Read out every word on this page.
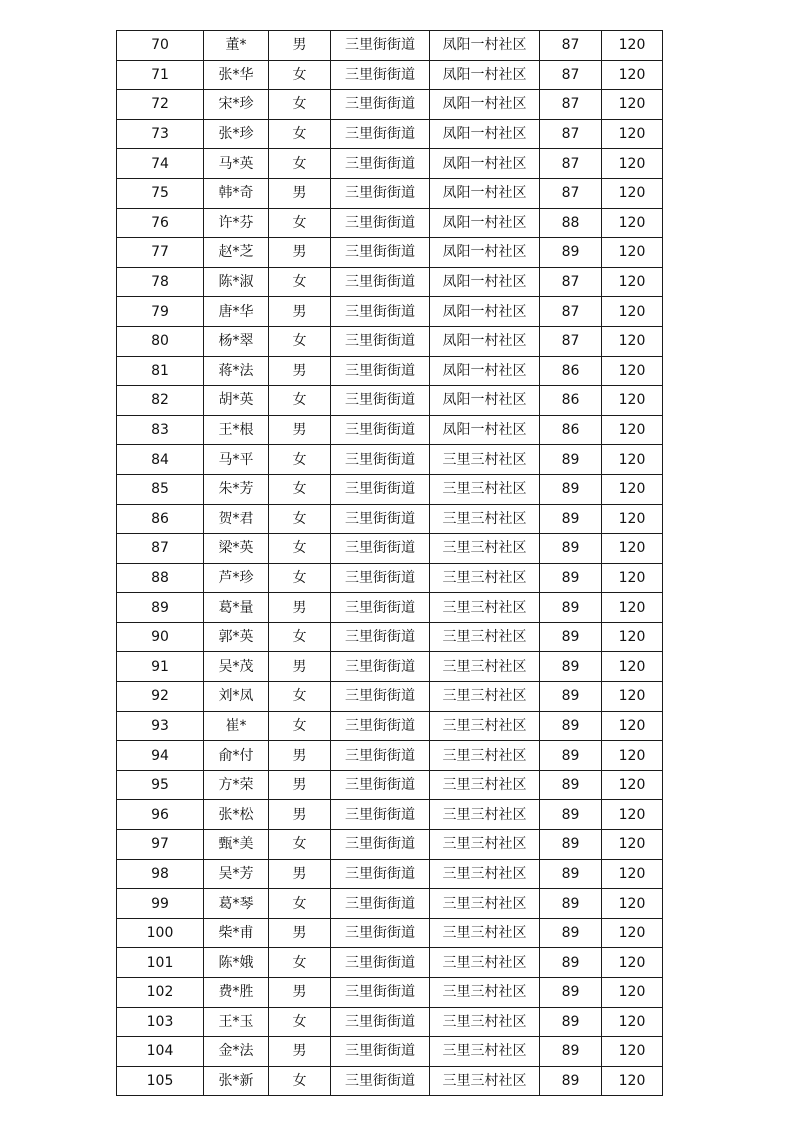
70	董*	男	三里街街道	凤阳一村社区	87	120
71	张*华	女	三里街街道	凤阳一村社区	87	120
72	宋*珍	女	三里街街道	凤阳一村社区	87	120
73	张*珍	女	三里街街道	凤阳一村社区	87	120
74	马*英	女	三里街街道	凤阳一村社区	87	120
75	韩*奇	男	三里街街道	凤阳一村社区	87	120
76	许*芬	女	三里街街道	凤阳一村社区	88	120
77	赵*芝	男	三里街街道	凤阳一村社区	89	120
78	陈*淑	女	三里街街道	凤阳一村社区	87	120
79	唐*华	男	三里街街道	凤阳一村社区	87	120
80	杨*翠	女	三里街街道	凤阳一村社区	87	120
81	蒋*法	男	三里街街道	凤阳一村社区	86	120
82	胡*英	女	三里街街道	凤阳一村社区	86	120
83	王*根	男	三里街街道	凤阳一村社区	86	120
84	马*平	女	三里街街道	三里三村社区	89	120
85	朱*芳	女	三里街街道	三里三村社区	89	120
86	贺*君	女	三里街街道	三里三村社区	89	120
87	梁*英	女	三里街街道	三里三村社区	89	120
88	芦*珍	女	三里街街道	三里三村社区	89	120
89	葛*量	男	三里街街道	三里三村社区	89	120
90	郭*英	女	三里街街道	三里三村社区	89	120
91	吴*茂	男	三里街街道	三里三村社区	89	120
92	刘*凤	女	三里街街道	三里三村社区	89	120
93	崔*	女	三里街街道	三里三村社区	89	120
94	俞*付	男	三里街街道	三里三村社区	89	120
95	方*荣	男	三里街街道	三里三村社区	89	120
96	张*松	男	三里街街道	三里三村社区	89	120
97	甄*美	女	三里街街道	三里三村社区	89	120
98	吴*芳	男	三里街街道	三里三村社区	89	120
99	葛*琴	女	三里街街道	三里三村社区	89	120
100	柴*甫	男	三里街街道	三里三村社区	89	120
101	陈*娥	女	三里街街道	三里三村社区	89	120
102	费*胜	男	三里街街道	三里三村社区	89	120
103	王*玉	女	三里街街道	三里三村社区	89	120
104	金*法	男	三里街街道	三里三村社区	89	120
105	张*新	女	三里街街道	三里三村社区	89	120
